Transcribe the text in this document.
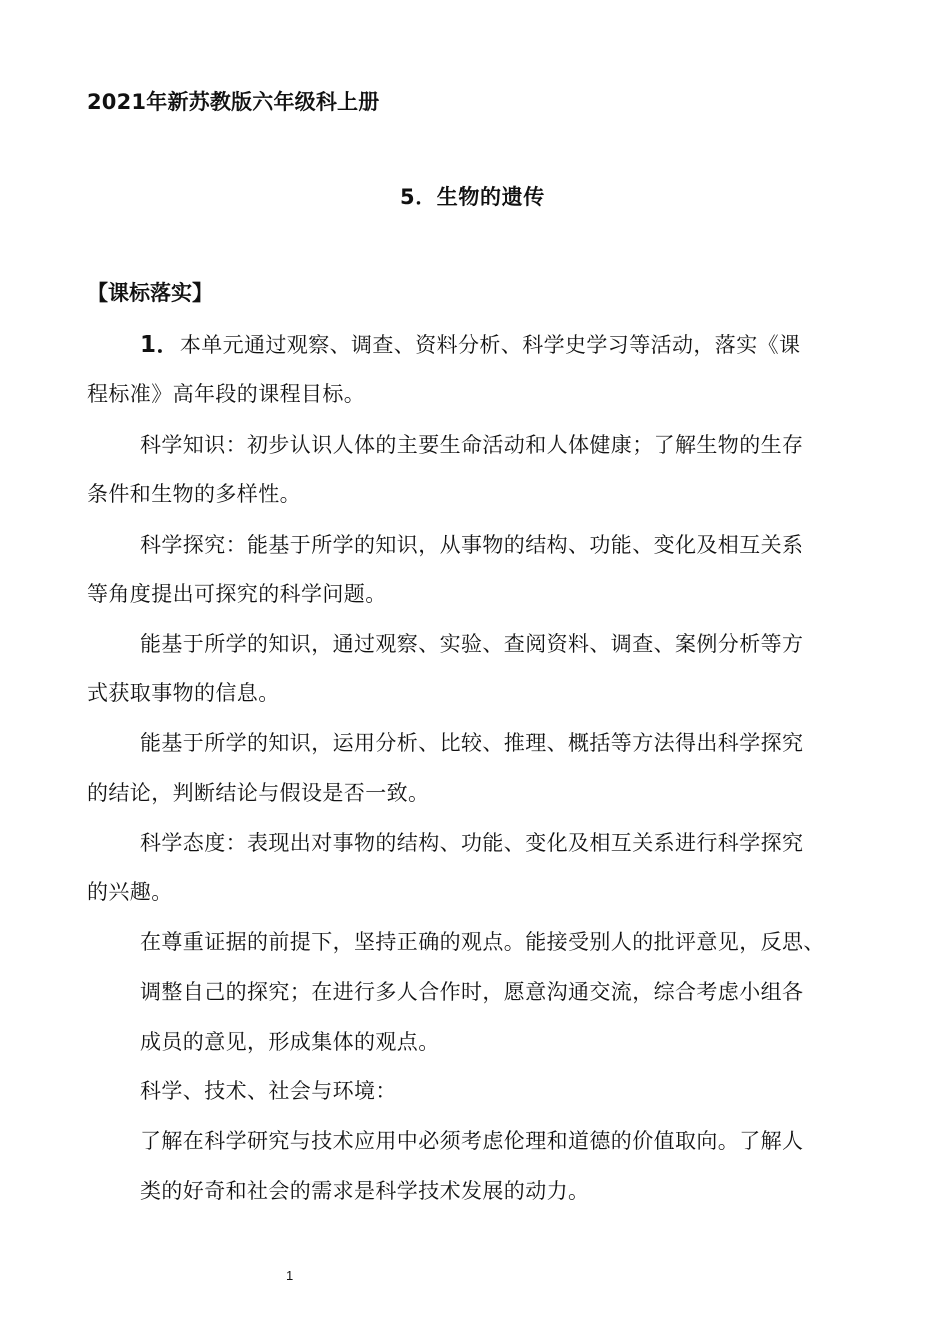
2021年新苏教版六年级科上册
5．生物的遗传
【课标落实】
1．本单元通过观察、调查、资料分析、科学史学习等活动，落实《课
程标准》高年段的课程目标。
科学知识：初步认识人体的主要生命活动和人体健康；了解生物的生存
条件和生物的多样性。
科学探究：能基于所学的知识，从事物的结构、功能、变化及相互关系
等角度提出可探究的科学问题。
能基于所学的知识，通过观察、实验、查阅资料、调查、案例分析等方
式获取事物的信息。
能基于所学的知识，运用分析、比较、推理、概括等方法得出科学探究
的结论，判断结论与假设是否一致。
科学态度：表现出对事物的结构、功能、变化及相互关系进行科学探究
的兴趣。
在尊重证据的前提下，坚持正确的观点。能接受别人的批评意见，反思、
调整自己的探究；在进行多人合作时，愿意沟通交流，综合考虑小组各
成员的意见，形成集体的观点。
科学、技术、社会与环境：
了解在科学研究与技术应用中必须考虑伦理和道德的价值取向。了解人
类的好奇和社会的需求是科学技术发展的动力。
1
